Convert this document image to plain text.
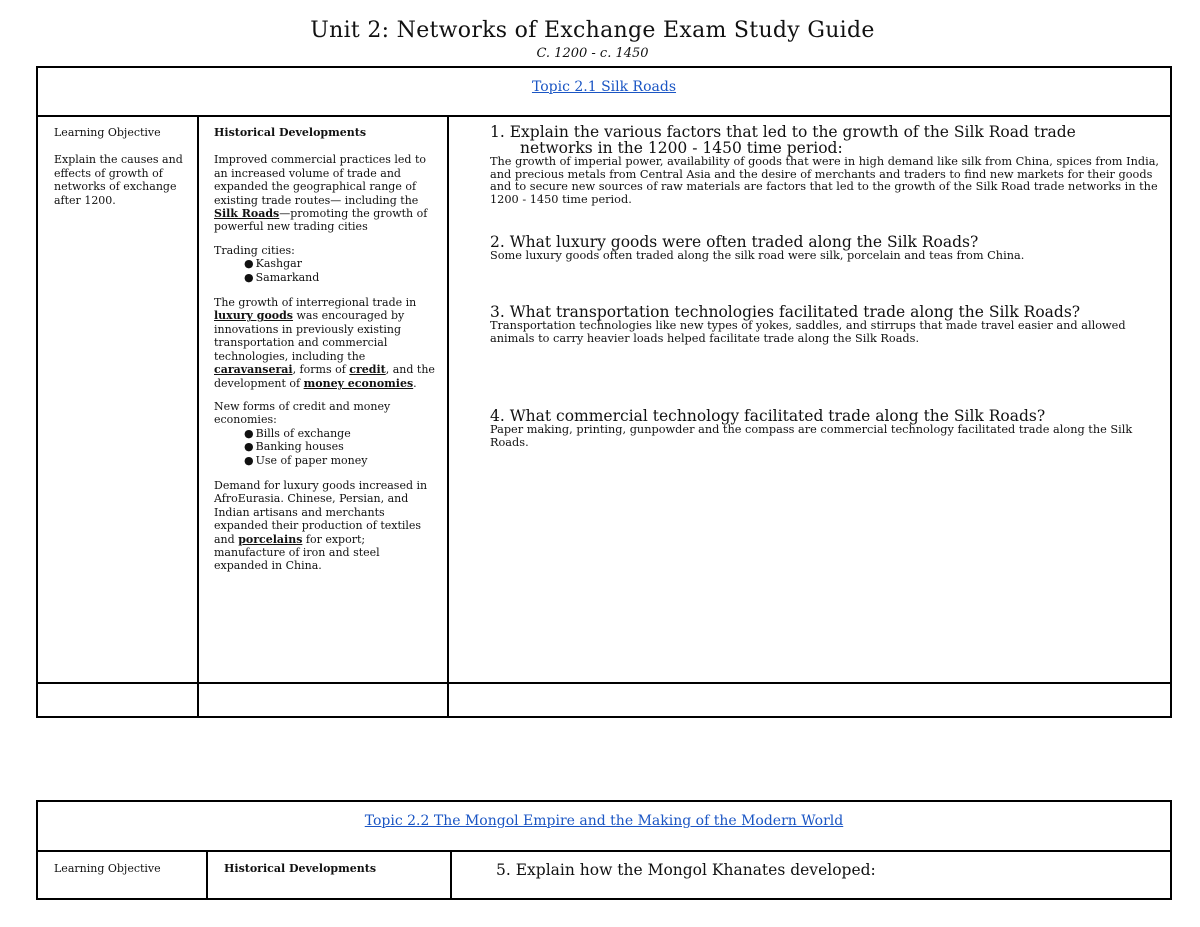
Unit 2: Networks of Exchange Exam Study Guide
C. 1200 - c. 1450
Topic 2.1 Silk Roads
Learning Objective
Explain the causes and effects of growth of networks of exchange after 1200.
Historical Developments

Improved commercial practices led to an increased volume of trade and expanded the geographical range of existing trade routes— including the Silk Roads—promoting the growth of powerful new trading cities

Trading cities:
● Kashgar
● Samarkand

The growth of interregional trade in luxury goods was encouraged by innovations in previously existing transportation and commercial technologies, including the caravanserai, forms of credit, and the development of money economies.

New forms of credit and money economies:
● Bills of exchange
● Banking houses
● Use of paper money

Demand for luxury goods increased in AfroEurasia. Chinese, Persian, and Indian artisans and merchants expanded their production of textiles and porcelains for export; manufacture of iron and steel expanded in China.

1. Explain the various factors that led to the growth of the Silk Road trade
networks in the 1200 - 1450 time period:
The growth of imperial power, availability of goods that were in high demand like silk from China, spices from India, and precious metals from Central Asia and the desire of merchants and traders to find new markets for their goods and to secure new sources of raw materials are factors that led to the growth of the Silk Road trade networks in the 1200 - 1450 time period.
2. What luxury goods were often traded along the Silk Roads?
Some luxury goods often traded along the silk road were silk, porcelain and teas from China.
3. What transportation technologies facilitated trade along the Silk Roads?
Transportation technologies like new types of yokes, saddles, and stirrups that made travel easier and allowed animals to carry heavier loads helped facilitate trade along the Silk Roads.
4. What commercial technology facilitated trade along the Silk Roads?
Paper making, printing, gunpowder and the compass are commercial technology facilitated trade along the Silk Roads.
Topic 2.2 The Mongol Empire and the Making of the Modern World
Learning Objective	Historical Developments	5. Explain how the Mongol Khanates developed:
